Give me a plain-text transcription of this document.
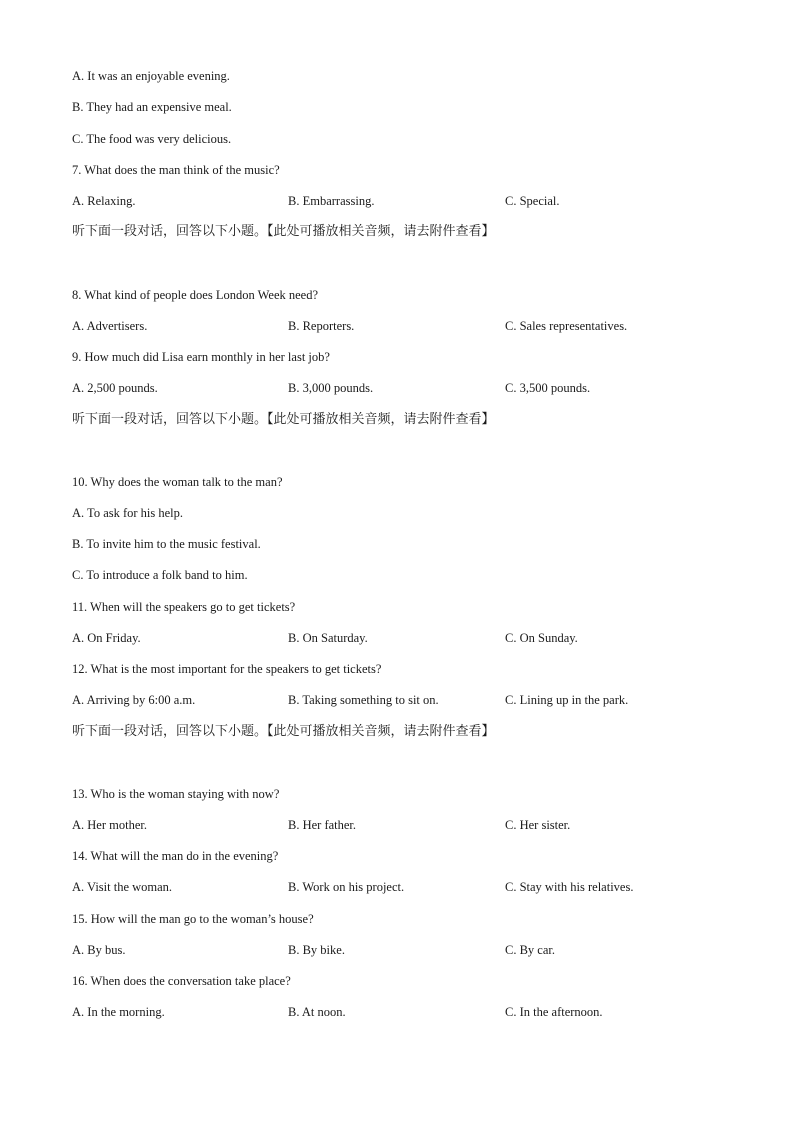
A. It was an enjoyable evening.
B. They had an expensive meal.
C. The food was very delicious.
7. What does the man think of the music?
A. Relaxing.	B. Embarrassing.	C. Special.
听下面一段对话，回答以下小题。【此处可播放相关音频，请去附件查看】
8. What kind of people does London Week need?
A. Advertisers.	B. Reporters.	C. Sales representatives.
9. How much did Lisa earn monthly in her last job?
A. 2,500 pounds.	B. 3,000 pounds.	C. 3,500 pounds.
听下面一段对话，回答以下小题。【此处可播放相关音频，请去附件查看】
10. Why does the woman talk to the man?
A. To ask for his help.
B. To invite him to the music festival.
C. To introduce a folk band to him.
11. When will the speakers go to get tickets?
A. On Friday.	B. On Saturday.	C. On Sunday.
12. What is the most important for the speakers to get tickets?
A. Arriving by 6:00 a.m.	B. Taking something to sit on.	C. Lining up in the park.
听下面一段对话，回答以下小题。【此处可播放相关音频，请去附件查看】
13. Who is the woman staying with now?
A. Her mother.	B. Her father.	C. Her sister.
14. What will the man do in the evening?
A. Visit the woman.	B. Work on his project.	C. Stay with his relatives.
15. How will the man go to the woman’s house?
A. By bus.	B. By bike.	C. By car.
16. When does the conversation take place?
A. In the morning.	B. At noon.	C. In the afternoon.
